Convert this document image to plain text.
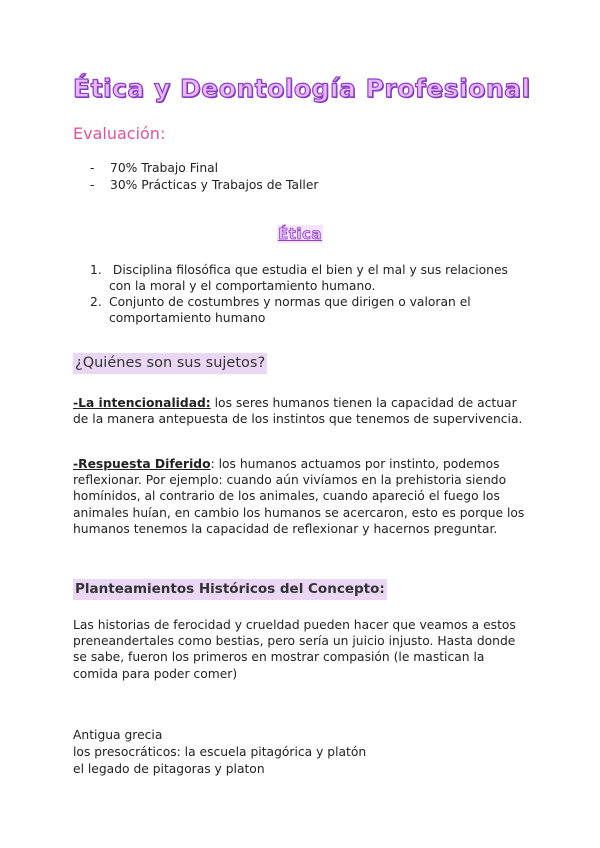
Ética y Deontología Profesional
Evaluación:
- 70% Trabajo Final
- 30% Prácticas y Trabajos de Taller
Ética
1. Disciplina filosófica que estudia el bien y el mal y sus relaciones con la moral y el comportamiento humano.
2. Conjunto de costumbres y normas que dirigen o valoran el comportamiento humano
¿Quiénes son sus sujetos?

-La intencionalidad: los seres humanos tienen la capacidad de actuar de la manera antepuesta de los instintos que tenemos de supervivencia.

-Respuesta Diferido: los humanos actuamos por instinto, podemos reflexionar. Por ejemplo: cuando aún vivíamos en la prehistoria siendo homínidos, al contrario de los animales, cuando apareció el fuego los animales huían, en cambio los humanos se acercaron, esto es porque los humanos tenemos la capacidad de reflexionar y hacernos preguntar.

Planteamientos Históricos del Concepto:

Las historias de ferocidad y crueldad pueden hacer que veamos a estos preneandertales como bestias, pero sería un juicio injusto. Hasta donde se sabe, fueron los primeros en mostrar compasión (le mastican la comida para poder comer)

Antigua grecia
los presocráticos: la escuela pitagórica y platón
el legado de pitagoras y platon
